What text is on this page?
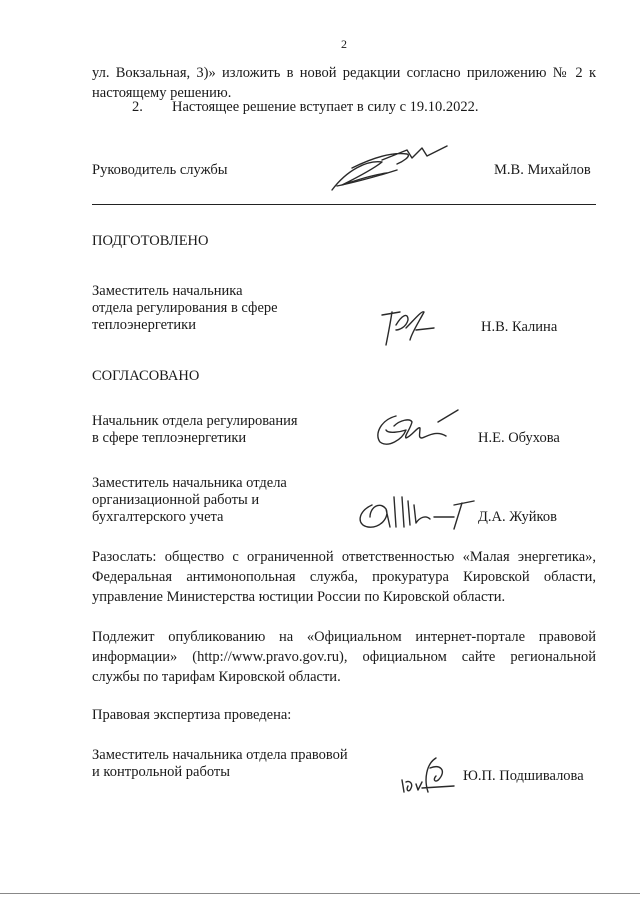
2
ул. Вокзальная, 3)» изложить в новой редакции согласно приложению № 2 к настоящему решению.
2. Настоящее решение вступает в силу с 19.10.2022.
Руководитель службы	М.В. Михайлов
ПОДГОТОВЛЕНО
Заместитель начальника
отдела регулирования в сфере
теплоэнергетики	Н.В. Калина
СОГЛАСОВАНО
Начальник отдела регулирования
в сфере теплоэнергетики	Н.Е. Обухова
Заместитель начальника отдела
организационной работы и
бухгалтерского учета	Д.А. Жуйков
Разослать: общество с ограниченной ответственностью «Малая энергетика», Федеральная антимонопольная служба, прокуратура Кировской области, управление Министерства юстиции России по Кировской области.
Подлежит опубликованию на «Официальном интернет-портале правовой информации» (http://www.pravo.gov.ru), официальном сайте региональной службы по тарифам Кировской области.
Правовая экспертиза проведена:
Заместитель начальника отдела правовой
и контрольной работы	Ю.П. Подшивалова
